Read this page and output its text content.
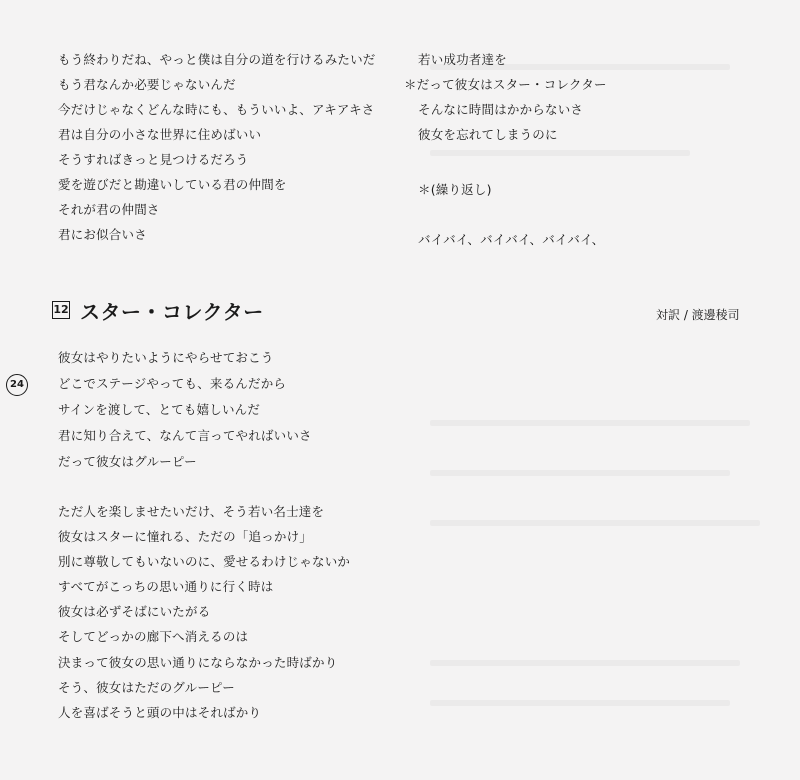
もう終わりだね、やっと僕は自分の道を行けるみたいだ
もう君なんか必要じゃないんだ
今だけじゃなくどんな時にも、もういいよ、アキアキさ
君は自分の小さな世界に住めばいい
そうすればきっと見つけるだろう
愛を遊びだと勘違いしている君の仲間を
それが君の仲間さ
君にお似合いさ
12 スター・コレクター	対訳 / 渡邊稜司
24
彼女はやりたいようにやらせておこう
どこでステージやっても、来るんだから
サインを渡して、とても嬉しいんだ
君に知り合えて、なんて言ってやればいいさ
だって彼女はグルーピー
ただ人を楽しませたいだけ、そう若い名士達を
彼女はスターに憧れる、ただの「追っかけ」
別に尊敬してもいないのに、愛せるわけじゃないか
すべてがこっちの思い通りに行く時は
彼女は必ずそばにいたがる
そしてどっかの廊下へ消えるのは
決まって彼女の思い通りにならなかった時ばかり
そう、彼女はただのグルーピー
人を喜ばそうと頭の中はそればかり
若い成功者達を
＊だって彼女はスター・コレクター
そんなに時間はかからないさ
彼女を忘れてしまうのに
＊(繰り返し)
バイバイ、バイバイ、バイバイ、
